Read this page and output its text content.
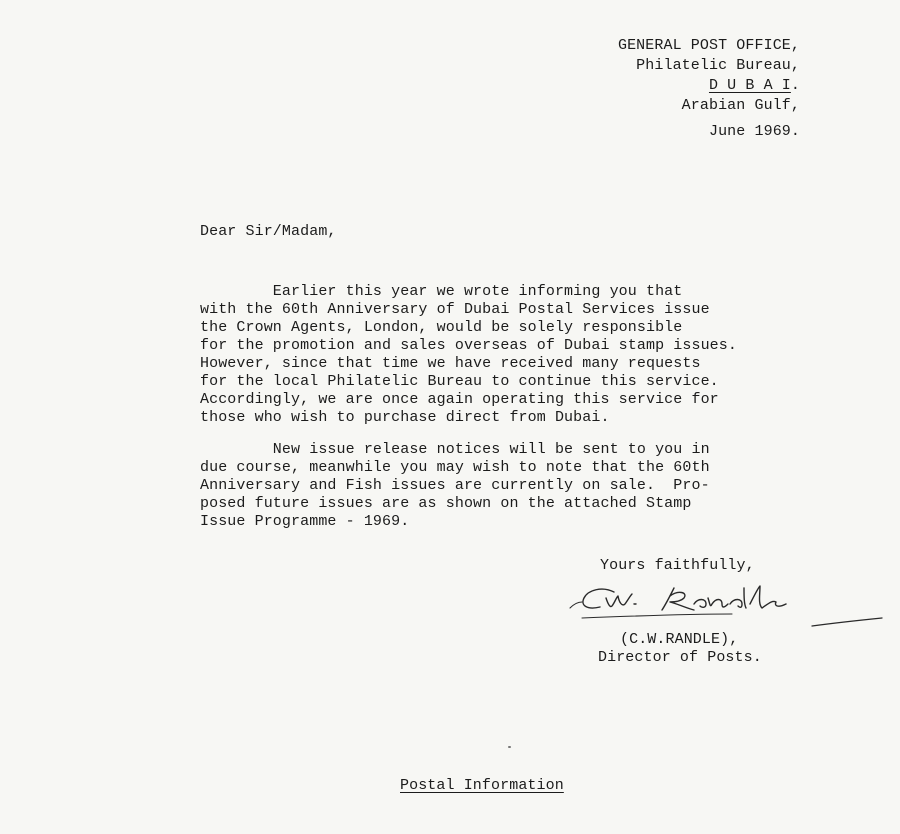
GENERAL POST OFFICE,
Philatelic Bureau,
D U B A I.
Arabian Gulf,
June 1969.
Dear Sir/Madam,
Earlier this year we wrote informing you that
with the 60th Anniversary of Dubai Postal Services issue
the Crown Agents, London, would be solely responsible
for the promotion and sales overseas of Dubai stamp issues.
However, since that time we have received many requests
for the local Philatelic Bureau to continue this service.
Accordingly, we are once again operating this service for
those who wish to purchase direct from Dubai.
New issue release notices will be sent to you in
due course, meanwhile you may wish to note that the 60th
Anniversary and Fish issues are currently on sale.  Pro-
posed future issues are as shown on the attached Stamp
Issue Programme - 1969.
Yours faithfully,
(C.W.RANDLE),
Director of Posts.
Postal Information
